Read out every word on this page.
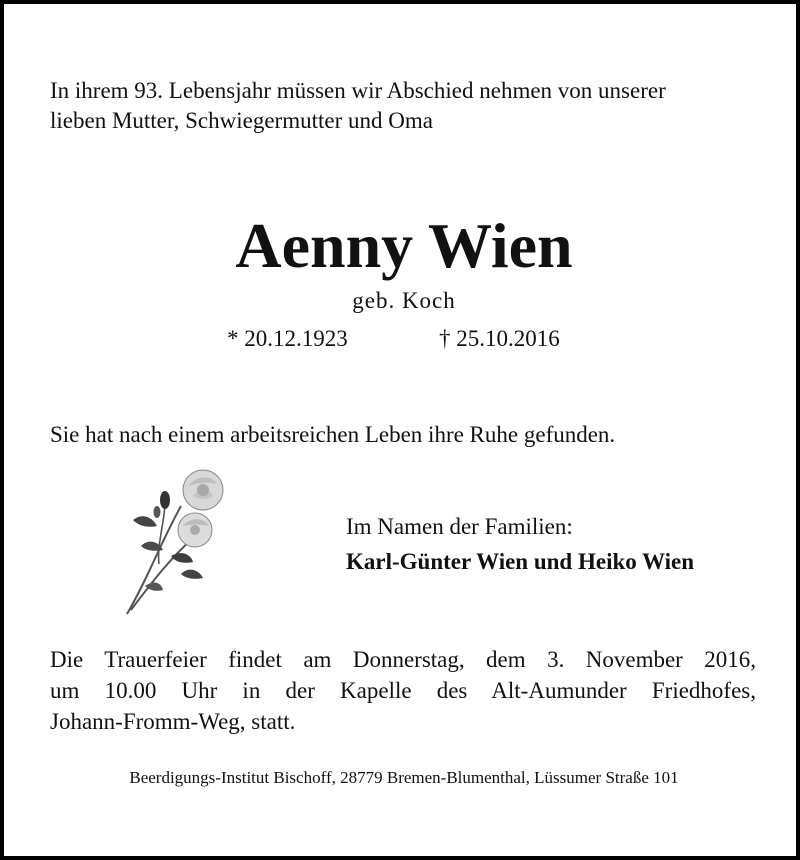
In ihrem 93. Lebensjahr müssen wir Abschied nehmen von unserer
lieben Mutter, Schwiegermutter und Oma

Aenny Wien

geb. Koch

* 20.12.1923	† 25.10.2016

Sie hat nach einem arbeitsreichen Leben ihre Ruhe gefunden.

Im Namen der Familien:

Karl-Günter Wien und Heiko Wien

Die Trauerfeier findet am Donnerstag, dem 3. November 2016,
um 10.00 Uhr in der Kapelle des Alt-Aumunder Friedhofes,
Johann-Fromm-Weg, statt.

Beerdigungs-Institut Bischoff, 28779 Bremen-Blumenthal, Lüssumer Straße 101
